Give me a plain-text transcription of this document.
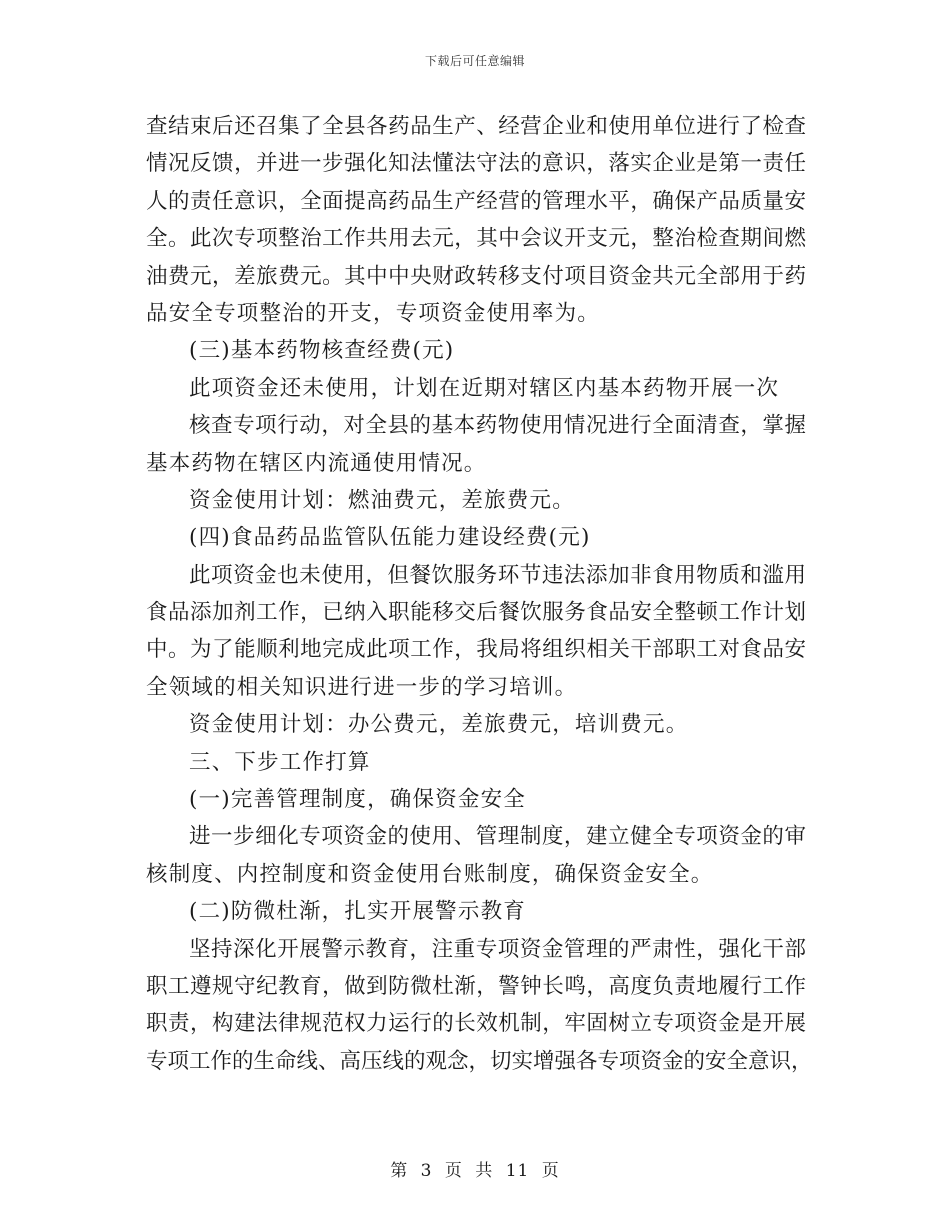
下载后可任意编辑
查结束后还召集了全县各药品生产、经营企业和使用单位进行了检查
情况反馈，并进一步强化知法懂法守法的意识，落实企业是第一责任
人的责任意识，全面提高药品生产经营的管理水平，确保产品质量安
全。此次专项整治工作共用去元，其中会议开支元，整治检查期间燃
油费元，差旅费元。其中中央财政转移支付项目资金共元全部用于药
品安全专项整治的开支，专项资金使用率为。
(三)基本药物核查经费(元)
此项资金还未使用，计划在近期对辖区内基本药物开展一次
核查专项行动，对全县的基本药物使用情况进行全面清查，掌握
基本药物在辖区内流通使用情况。
资金使用计划：燃油费元，差旅费元。
(四)食品药品监管队伍能力建设经费(元)
此项资金也未使用，但餐饮服务环节违法添加非食用物质和滥用
食品添加剂工作，已纳入职能移交后餐饮服务食品安全整顿工作计划
中。为了能顺利地完成此项工作，我局将组织相关干部职工对食品安
全领域的相关知识进行进一步的学习培训。
资金使用计划：办公费元，差旅费元，培训费元。
三、下步工作打算
(一)完善管理制度，确保资金安全
进一步细化专项资金的使用、管理制度，建立健全专项资金的审
核制度、内控制度和资金使用台账制度，确保资金安全。
(二)防微杜渐，扎实开展警示教育
坚持深化开展警示教育，注重专项资金管理的严肃性，强化干部
职工遵规守纪教育，做到防微杜渐，警钟长鸣，高度负责地履行工作
职责，构建法律规范权力运行的长效机制，牢固树立专项资金是开展
专项工作的生命线、高压线的观念，切实增强各专项资金的安全意识，
第 3 页 共 11 页
